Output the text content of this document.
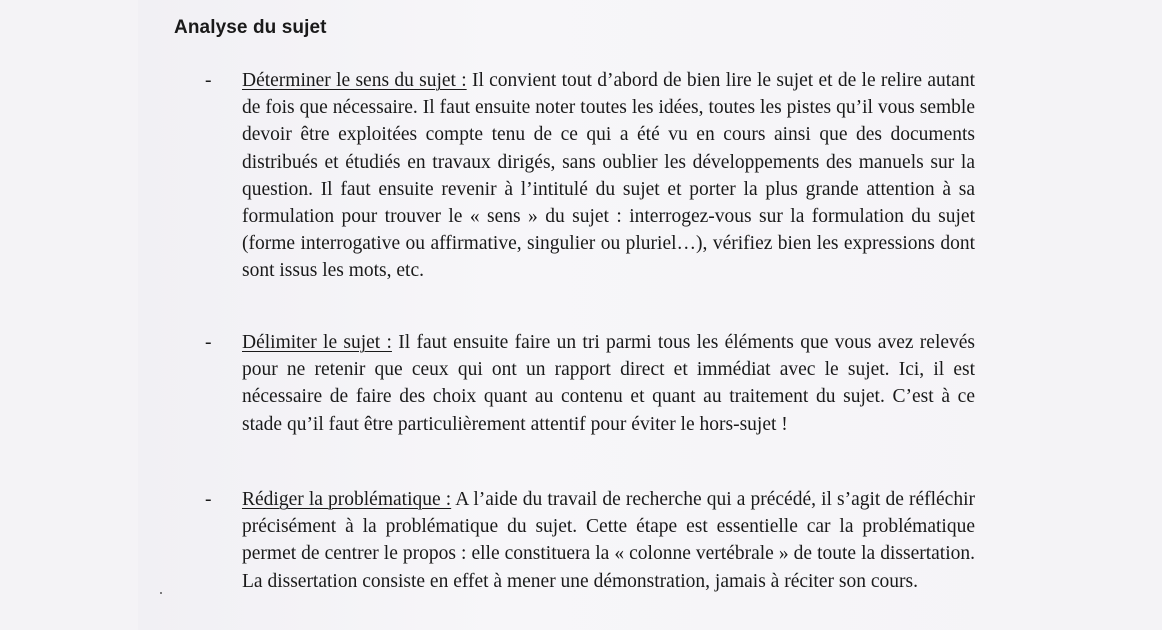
Analyse du sujet
- Déterminer le sens du sujet : Il convient tout d’abord de bien lire le sujet et de le relire autant de fois que nécessaire. Il faut ensuite noter toutes les idées, toutes les pistes qu’il vous semble devoir être exploitées compte tenu de ce qui a été vu en cours ainsi que des documents distribués et étudiés en travaux dirigés, sans oublier les développements des manuels sur la question. Il faut ensuite revenir à l’intitulé du sujet et porter la plus grande attention à sa formulation pour trouver le « sens » du sujet : interrogez-vous sur la formulation du sujet (forme interrogative ou affirmative, singulier ou pluriel…), vérifiez bien les expressions dont sont issus les mots, etc.

- Délimiter le sujet : Il faut ensuite faire un tri parmi tous les éléments que vous avez relevés pour ne retenir que ceux qui ont un rapport direct et immédiat avec le sujet. Ici, il est nécessaire de faire des choix quant au contenu et quant au traitement du sujet. C’est à ce stade qu’il faut être particulièrement attentif pour éviter le hors-sujet !

- Rédiger la problématique : A l’aide du travail de recherche qui a précédé, il s’agit de réfléchir précisément à la problématique du sujet. Cette étape est essentielle car la problématique permet de centrer le propos : elle constituera la « colonne vertébrale » de toute la dissertation. La dissertation consiste en effet à mener une démonstration, jamais à réciter son cours.
